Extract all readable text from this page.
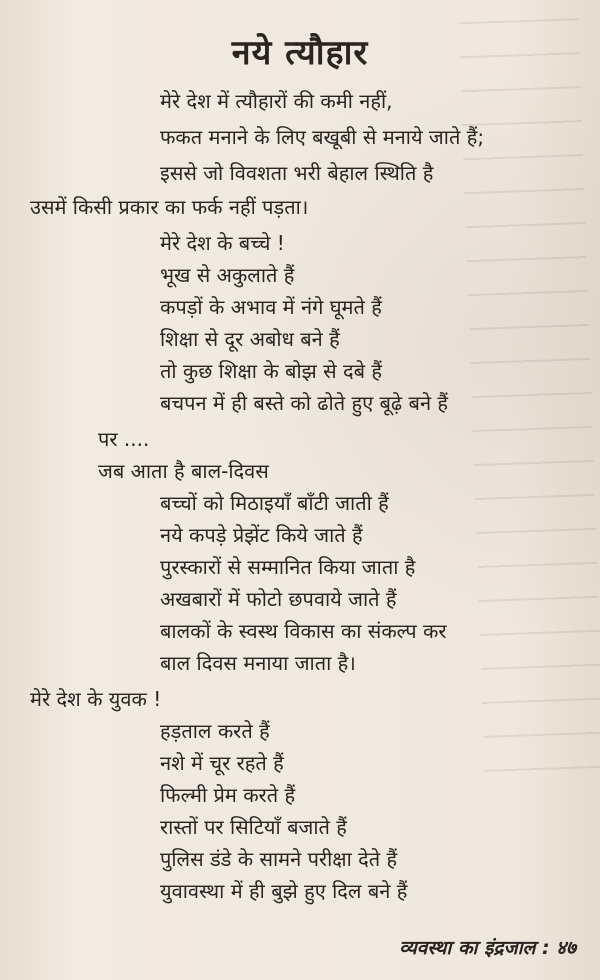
नये त्यौहार
मेरे देश में त्यौहारों की कमी नहीं,
फकत मनाने के लिए बखूबी से मनाये जाते हैं;
इससे जो विवशता भरी बेहाल स्थिति है
उसमें किसी प्रकार का फर्क नहीं पड़ता।
मेरे देश के बच्चे !
भूख से अकुलाते हैं
कपड़ों के अभाव में नंगे घूमते हैं
शिक्षा से दूर अबोध बने हैं
तो कुछ शिक्षा के बोझ से दबे हैं
बचपन में ही बस्ते को ढोते हुए बूढ़े बने हैं
पर ....
जब आता है बाल-दिवस
बच्चों को मिठाइयाँ बाँटी जाती हैं
नये कपड़े प्रेझेंट किये जाते हैं
पुरस्कारों से सम्मानित किया जाता है
अखबारों में फोटो छपवाये जाते हैं
बालकों के स्वस्थ विकास का संकल्प कर
बाल दिवस मनाया जाता है।
मेरे देश के युवक !
हड़ताल करते हैं
नशे में चूर रहते हैं
फिल्मी प्रेम करते हैं
रास्तों पर सिटियाँ बजाते हैं
पुलिस डंडे के सामने परीक्षा देते हैं
युवावस्था में ही बुझे हुए दिल बने हैं
व्यवस्था का इंद्रजाल : ४७
